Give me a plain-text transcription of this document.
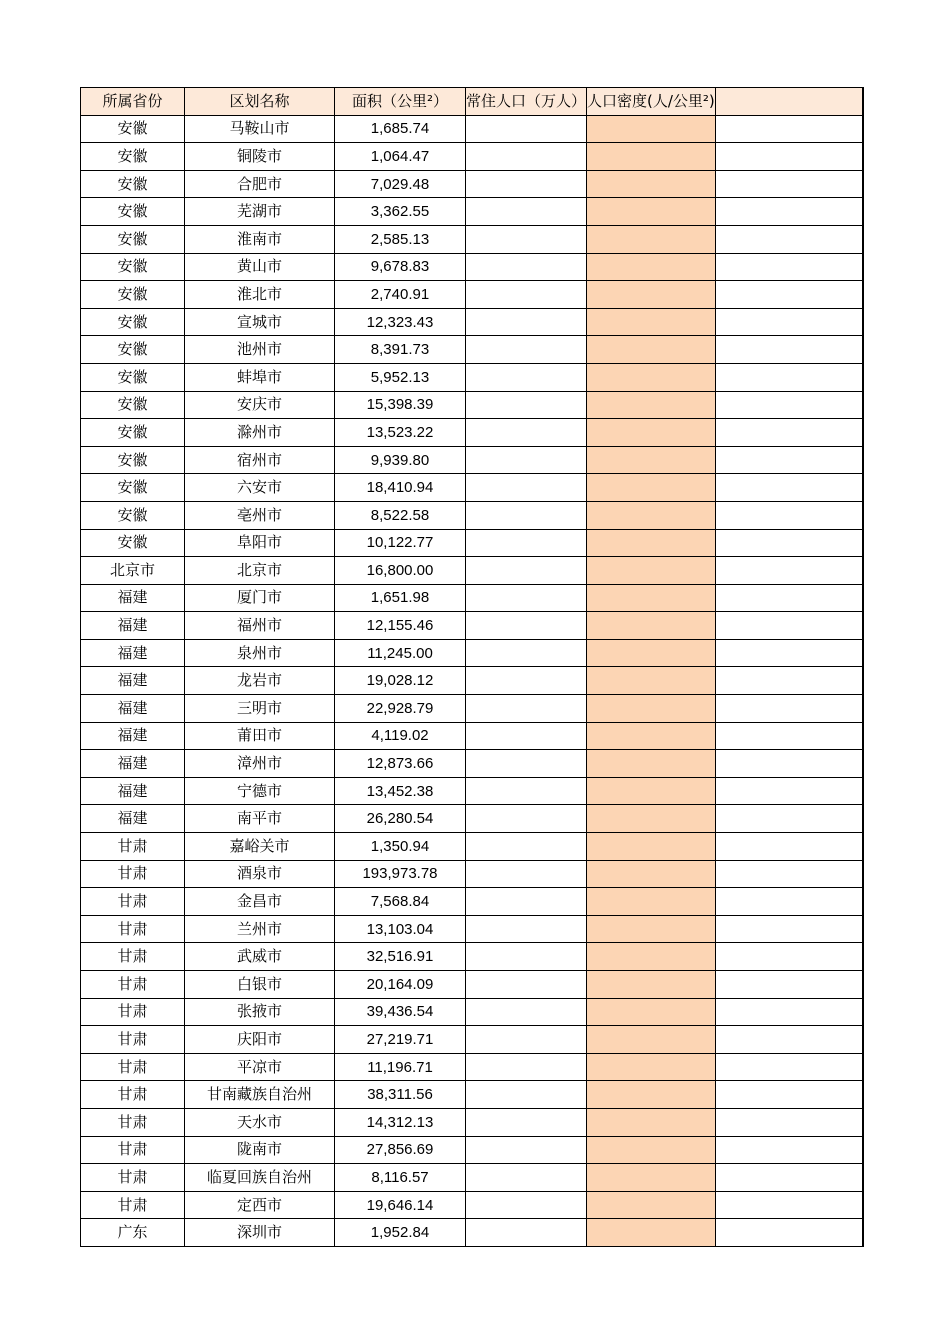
所属省份	区划名称	面积（公里²）	常住人口（万人）	人口密度(人/公里²)	
安徽	马鞍山市	1,685.74			
安徽	铜陵市	1,064.47			
安徽	合肥市	7,029.48			
安徽	芜湖市	3,362.55			
安徽	淮南市	2,585.13			
安徽	黄山市	9,678.83			
安徽	淮北市	2,740.91			
安徽	宣城市	12,323.43			
安徽	池州市	8,391.73			
安徽	蚌埠市	5,952.13			
安徽	安庆市	15,398.39			
安徽	滁州市	13,523.22			
安徽	宿州市	9,939.80			
安徽	六安市	18,410.94			
安徽	亳州市	8,522.58			
安徽	阜阳市	10,122.77			
北京市	北京市	16,800.00			
福建	厦门市	1,651.98			
福建	福州市	12,155.46			
福建	泉州市	11,245.00			
福建	龙岩市	19,028.12			
福建	三明市	22,928.79			
福建	莆田市	4,119.02			
福建	漳州市	12,873.66			
福建	宁德市	13,452.38			
福建	南平市	26,280.54			
甘肃	嘉峪关市	1,350.94			
甘肃	酒泉市	193,973.78			
甘肃	金昌市	7,568.84			
甘肃	兰州市	13,103.04			
甘肃	武威市	32,516.91			
甘肃	白银市	20,164.09			
甘肃	张掖市	39,436.54			
甘肃	庆阳市	27,219.71			
甘肃	平凉市	11,196.71			
甘肃	甘南藏族自治州	38,311.56			
甘肃	天水市	14,312.13			
甘肃	陇南市	27,856.69			
甘肃	临夏回族自治州	8,116.57			
甘肃	定西市	19,646.14			
广东	深圳市	1,952.84			
